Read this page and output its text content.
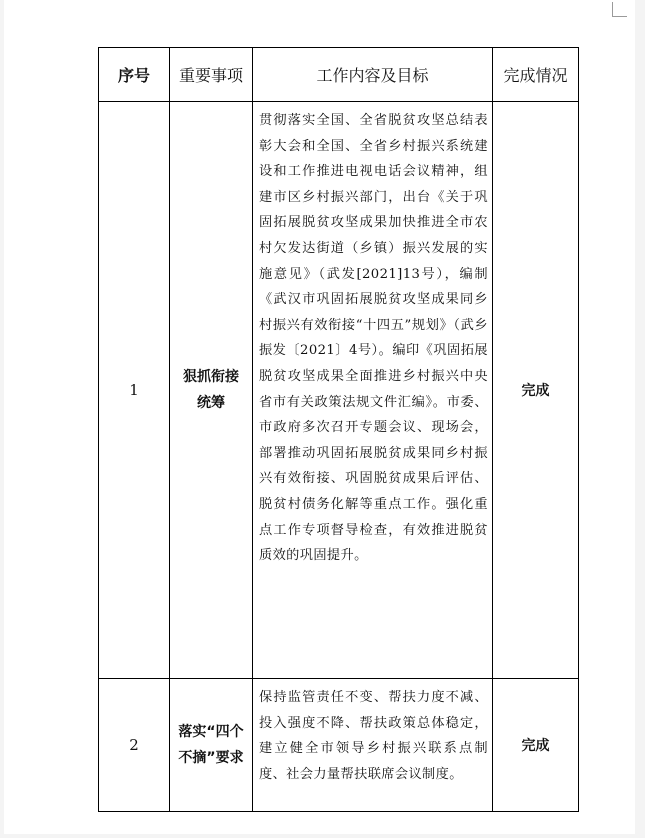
序号	重要事项	工作内容及目标	完成情况
1	狠抓衔接统筹	贯彻落实全国、全省脱贫攻坚总结表彰大会和全国、全省乡村振兴系统建设和工作推进电视电话会议精神，组建市区乡村振兴部门，出台《关于巩固拓展脱贫攻坚成果加快推进全市农村欠发达街道（乡镇）振兴发展的实施意见》（武发[2021]13号），编制《武汉市巩固拓展脱贫攻坚成果同乡村振兴有效衔接“十四五”规划》（武乡振发〔2021〕4号）。编印《巩固拓展脱贫攻坚成果全面推进乡村振兴中央省市有关政策法规文件汇编》。市委、市政府多次召开专题会议、现场会，部署推动巩固拓展脱贫成果同乡村振兴有效衔接、巩固脱贫成果后评估、脱贫村债务化解等重点工作。强化重点工作专项督导检查，有效推进脱贫质效的巩固提升。	完成
2	落实“四个不摘”要求	保持监管责任不变、帮扶力度不减、投入强度不降、帮扶政策总体稳定，建立健全市领导乡村振兴联系点制度、社会力量帮扶联席会议制度。	完成
